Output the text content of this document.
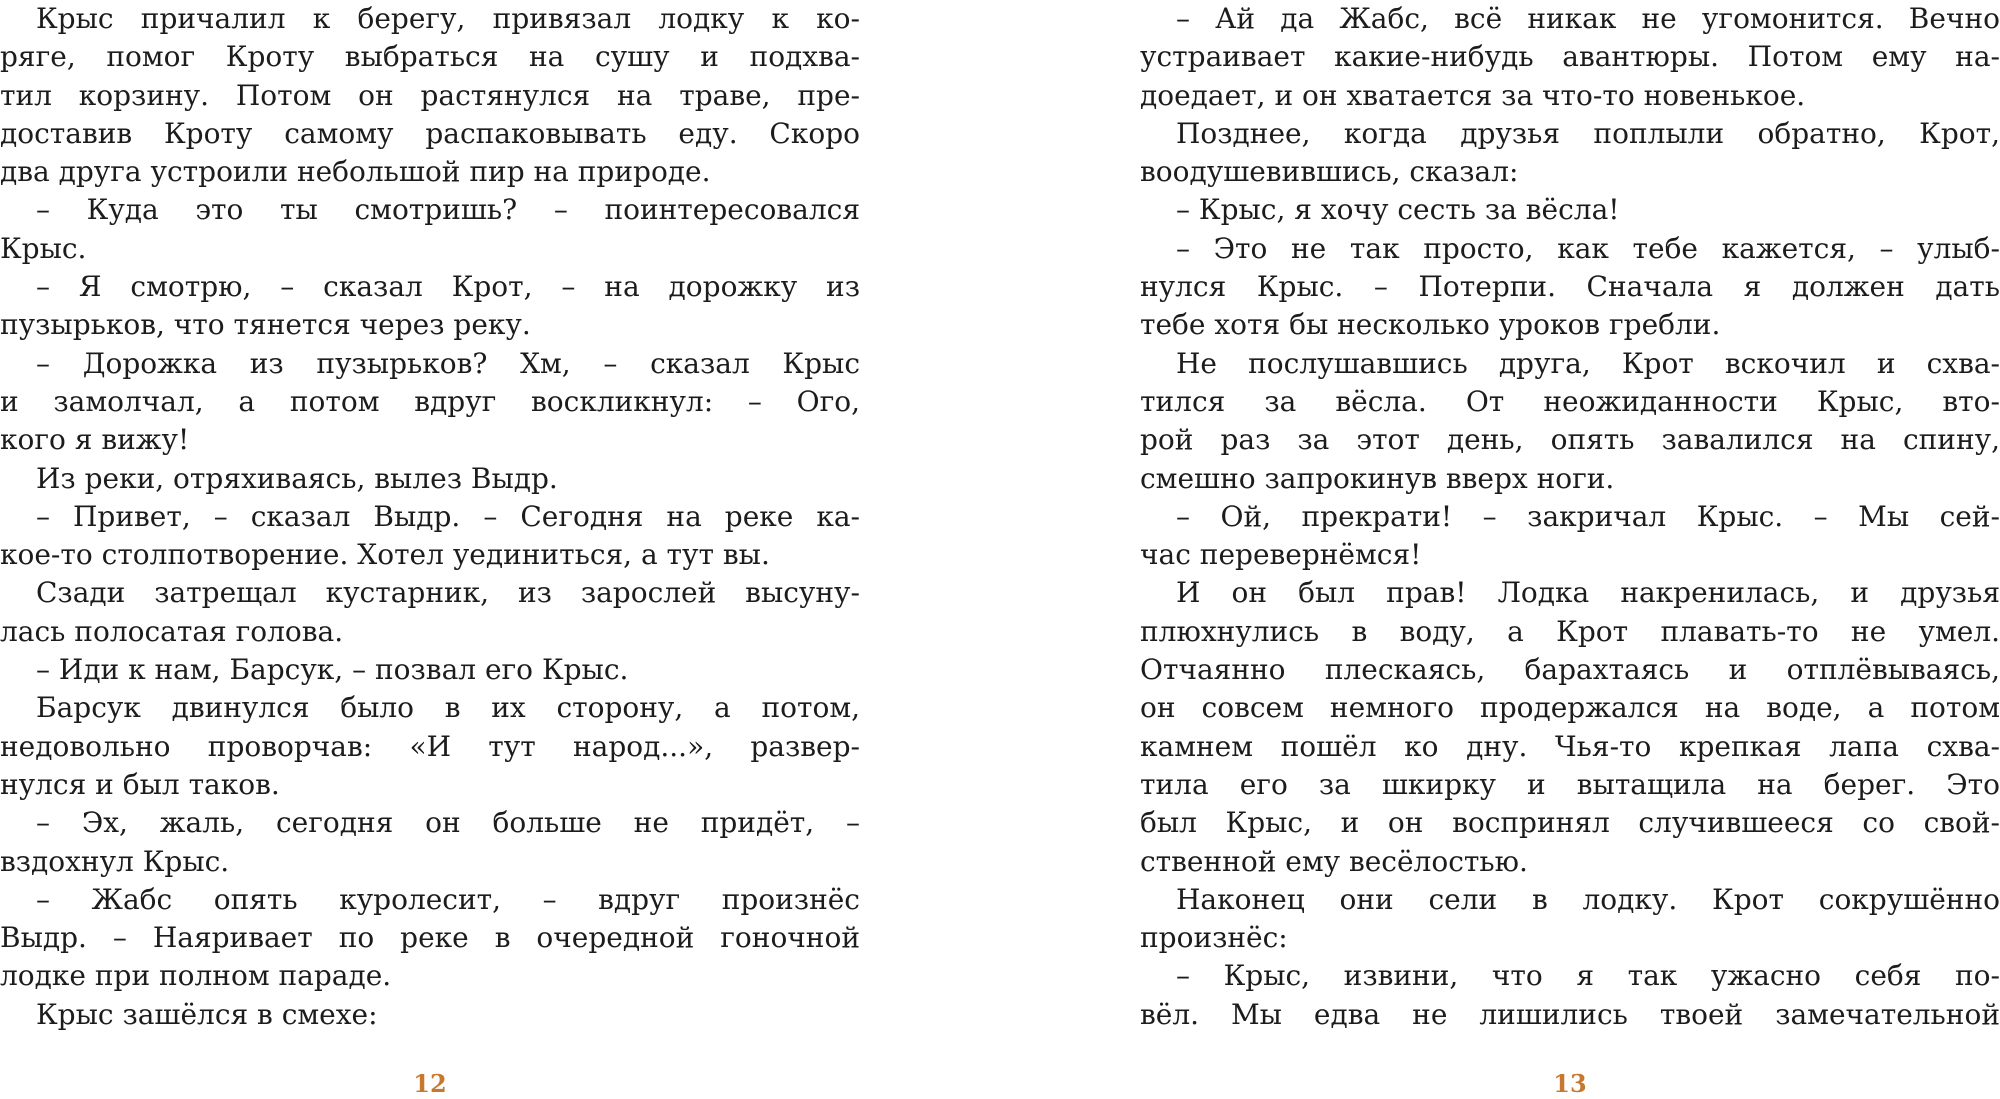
Крыс причалил к берегу, привязал лодку к ко-
ряге, помог Кроту выбраться на сушу и подхва-
тил корзину. Потом он растянулся на траве, пре-
доставив Кроту самому распаковывать еду. Скоро
два друга устроили небольшой пир на природе.
– Куда это ты смотришь? – поинтересовался
Крыс.
– Я смотрю, – сказал Крот, – на дорожку из
пузырьков, что тянется через реку.
– Дорожка из пузырьков? Хм, – сказал Крыс
и замолчал, а потом вдруг воскликнул: – Ого,
кого я вижу!
Из реки, отряхиваясь, вылез Выдр.
– Привет, – сказал Выдр. – Сегодня на реке ка-
кое-то столпотворение. Хотел уединиться, а тут вы.
Сзади затрещал кустарник, из зарослей высуну-
лась полосатая голова.
– Иди к нам, Барсук, – позвал его Крыс.
Барсук двинулся было в их сторону, а потом,
недовольно проворчав: «И тут народ...», развер-
нулся и был таков.
– Эх, жаль, сегодня он больше не придёт, –
вздохнул Крыс.
– Жабс опять куролесит, – вдруг произнёс
Выдр. – Наяривает по реке в очередной гоночной
лодке при полном параде.
Крыс зашёлся в смехе:
12
– Ай да Жабс, всё никак не угомонится. Вечно
устраивает какие-нибудь авантюры. Потом ему на-
доедает, и он хватается за что-то новенькое.
Позднее, когда друзья поплыли обратно, Крот,
воодушевившись, сказал:
– Крыс, я хочу сесть за вёсла!
– Это не так просто, как тебе кажется, – улыб-
нулся Крыс. – Потерпи. Сначала я должен дать
тебе хотя бы несколько уроков гребли.
Не послушавшись друга, Крот вскочил и схва-
тился за вёсла. От неожиданности Крыс, вто-
рой раз за этот день, опять завалился на спину,
смешно запрокинув вверх ноги.
– Ой, прекрати! – закричал Крыс. – Мы сей-
час перевернёмся!
И он был прав! Лодка накренилась, и друзья
плюхнулись в воду, а Крот плавать-то не умел.
Отчаянно плескаясь, барахтаясь и отплёвываясь,
он совсем немного продержался на воде, а потом
камнем пошёл ко дну. Чья-то крепкая лапа схва-
тила его за шкирку и вытащила на берег. Это
был Крыс, и он воспринял случившееся со свой-
ственной ему весёлостью.
Наконец они сели в лодку. Крот сокрушённо
произнёс:
– Крыс, извини, что я так ужасно себя по-
вёл. Мы едва не лишились твоей замечательной
13
